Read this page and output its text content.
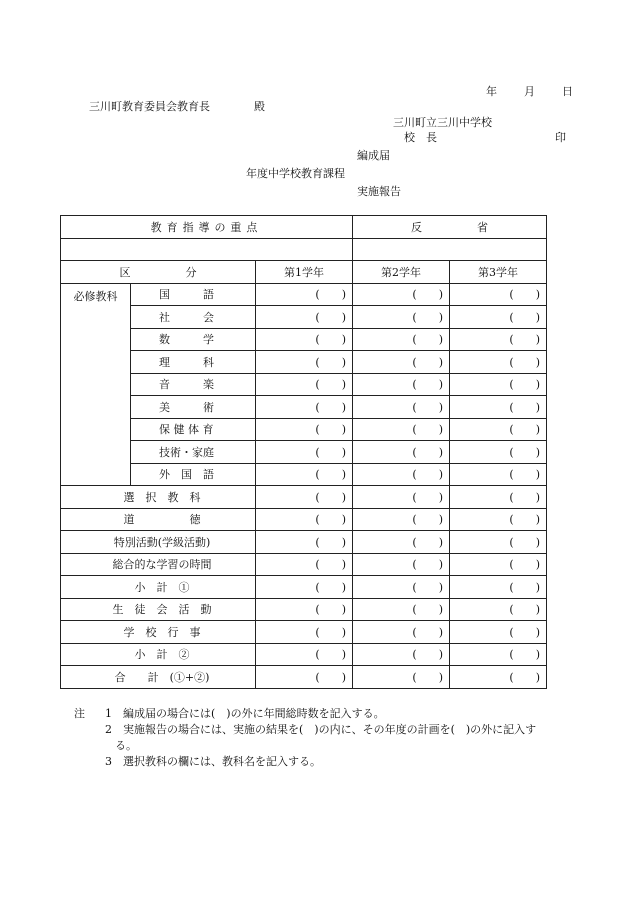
年 月 日
三川町教育委員会教育長　　　　殿
三川町立三川中学校
校　長	印
編成届
年度中学校教育課程
実施報告
教育指導の重点			反　　　　　省	

区　　　　　分		第1学年	第2学年	第3学年
必修教科	国　　　語	(　　)	(　　)	(　　)
	社　　　会	(　　)	(　　)	(　　)
	数　　　学	(　　)	(　　)	(　　)
	理　　　科	(　　)	(　　)	(　　)
	音　　　楽	(　　)	(　　)	(　　)
	美　　　術	(　　)	(　　)	(　　)
	保 健 体 育	(　　)	(　　)	(　　)
	技術・家庭	(　　)	(　　)	(　　)
	外　国　語	(　　)	(　　)	(　　)
選　択　教　科		(　　)	(　　)	(　　)
道　　　　　徳		(　　)	(　　)	(　　)
特別活動(学級活動)		(　　)	(　　)	(　　)
総合的な学習の時間		(　　)	(　　)	(　　)
小　計　①		(　　)	(　　)	(　　)
生　徒　会　活　動		(　　)	(　　)	(　　)
学　校　行　事		(　　)	(　　)	(　　)
小　計　②		(　　)	(　　)	(　　)
合　　計　(①+②)		(　　)	(　　)	(　　)
注 1　編成届の場合には(　)の外に年間総時数を記入する。
2　実施報告の場合には、実施の結果を(　)の内に、その年度の計画を(　)の外に記入す
る。
3　選択教科の欄には、教科名を記入する。
